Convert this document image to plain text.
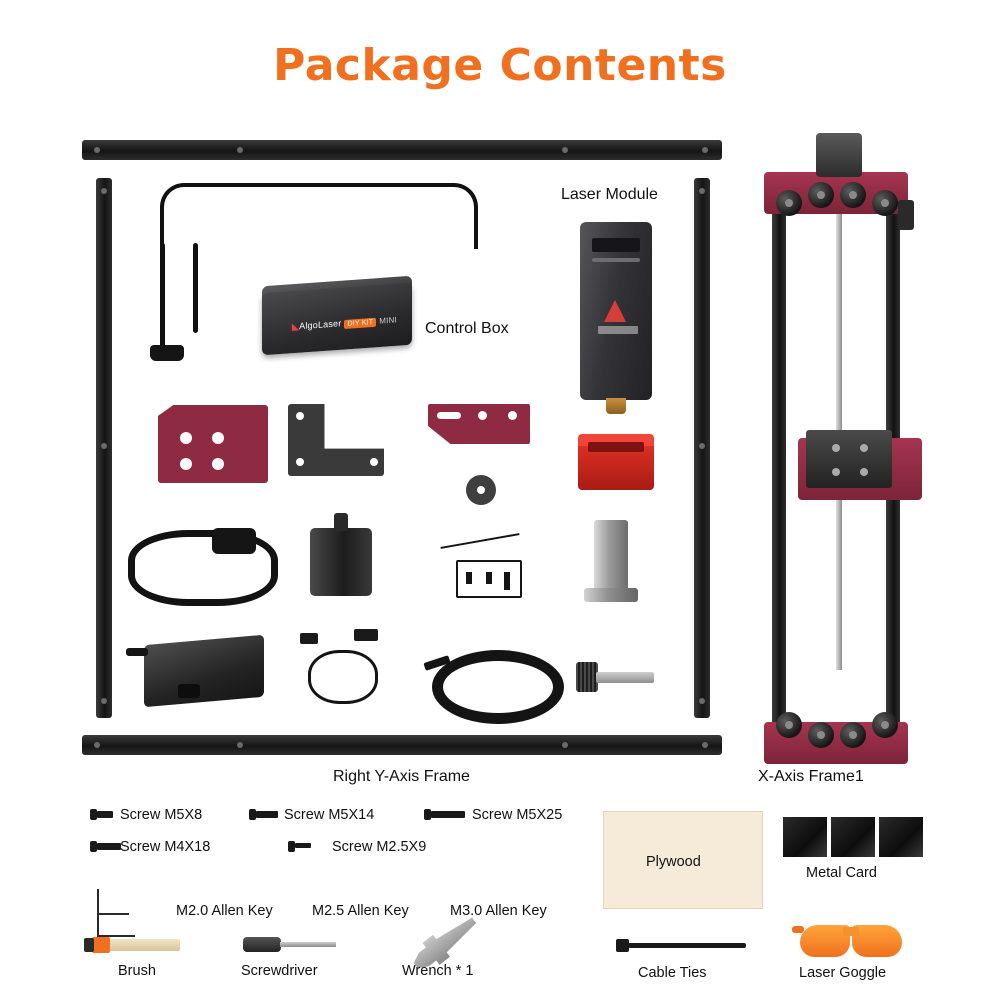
Package Contents
◣AlgoLaser DIY KIT MINI Control Box
Laser Module
Right Y-Axis Frame	X-Axis Frame1
Screw M5X8	Screw M5X14	Screw M5X25
Screw M4X18	Screw M2.5X9
M2.0 Allen Key	M2.5 Allen Key	M3.0 Allen Key
Brush	Screwdriver	Wrench * 1
Plywood
Metal Card
Cable Ties	Laser Goggle
